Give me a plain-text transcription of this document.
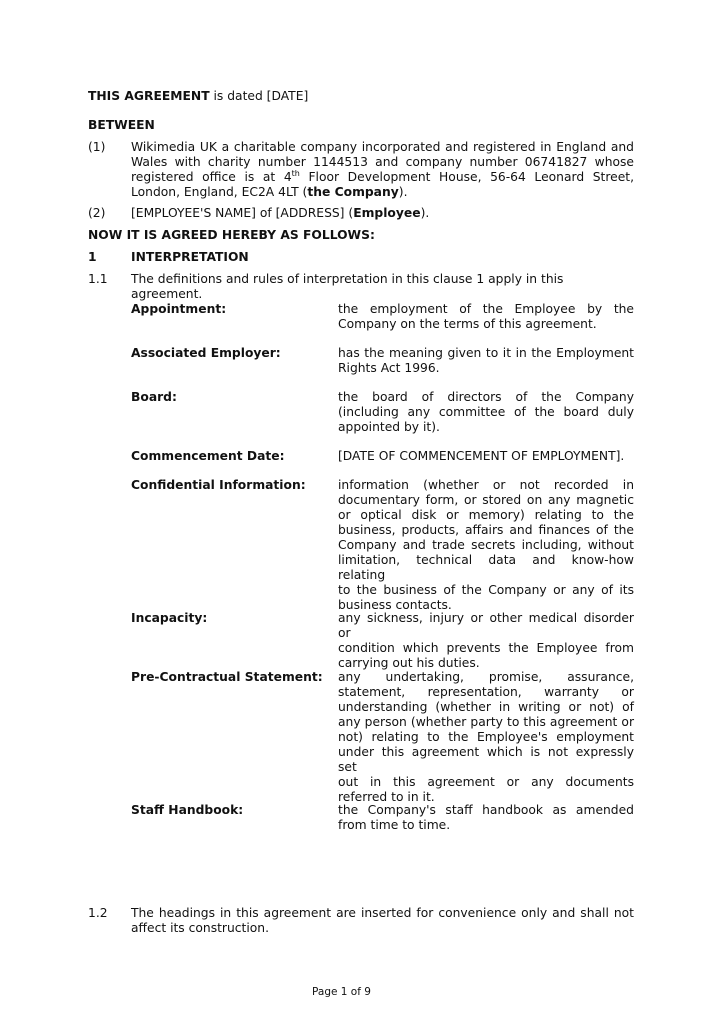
THIS AGREEMENT is dated [DATE]
BETWEEN
(1) Wikimedia UK a charitable company incorporated and registered in England and
Wales with charity number 1144513 and company number 06741827 whose
registered office is at 4th Floor Development House, 56-64 Leonard Street,
London, England, EC2A 4LT (the Company).
(2) [EMPLOYEE'S NAME] of [ADDRESS] (Employee).
NOW IT IS AGREED HEREBY AS FOLLOWS:
1	INTERPRETATION
1.1 The definitions and rules of interpretation in this clause 1 apply in this agreement.
Appointment:	the employment of the Employee by the
Company on the terms of this agreement.
Associated Employer:	has the meaning given to it in the Employment
Rights Act 1996.
Board:	the board of directors of the Company
(including any committee of the board duly
appointed by it).
Commencement Date:	[DATE OF COMMENCEMENT OF EMPLOYMENT].
Confidential Information:	information (whether or not recorded in
documentary form, or stored on any magnetic
or optical disk or memory) relating to the
business, products, affairs and finances of the
Company and trade secrets including, without
limitation, technical data and know-how relating
to the business of the Company or any of its
business contacts.
Incapacity:	any sickness, injury or other medical disorder or
condition which prevents the Employee from
carrying out his duties.
Pre-Contractual Statement: any undertaking, promise, assurance,
statement, representation, warranty or
understanding (whether in writing or not) of
any person (whether party to this agreement or
not) relating to the Employee's employment
under this agreement which is not expressly set
out in this agreement or any documents
referred to in it.
Staff Handbook:	the Company's staff handbook as amended
from time to time.
1.2 The headings in this agreement are inserted for convenience only and shall not
affect its construction.
Page 1 of 9
